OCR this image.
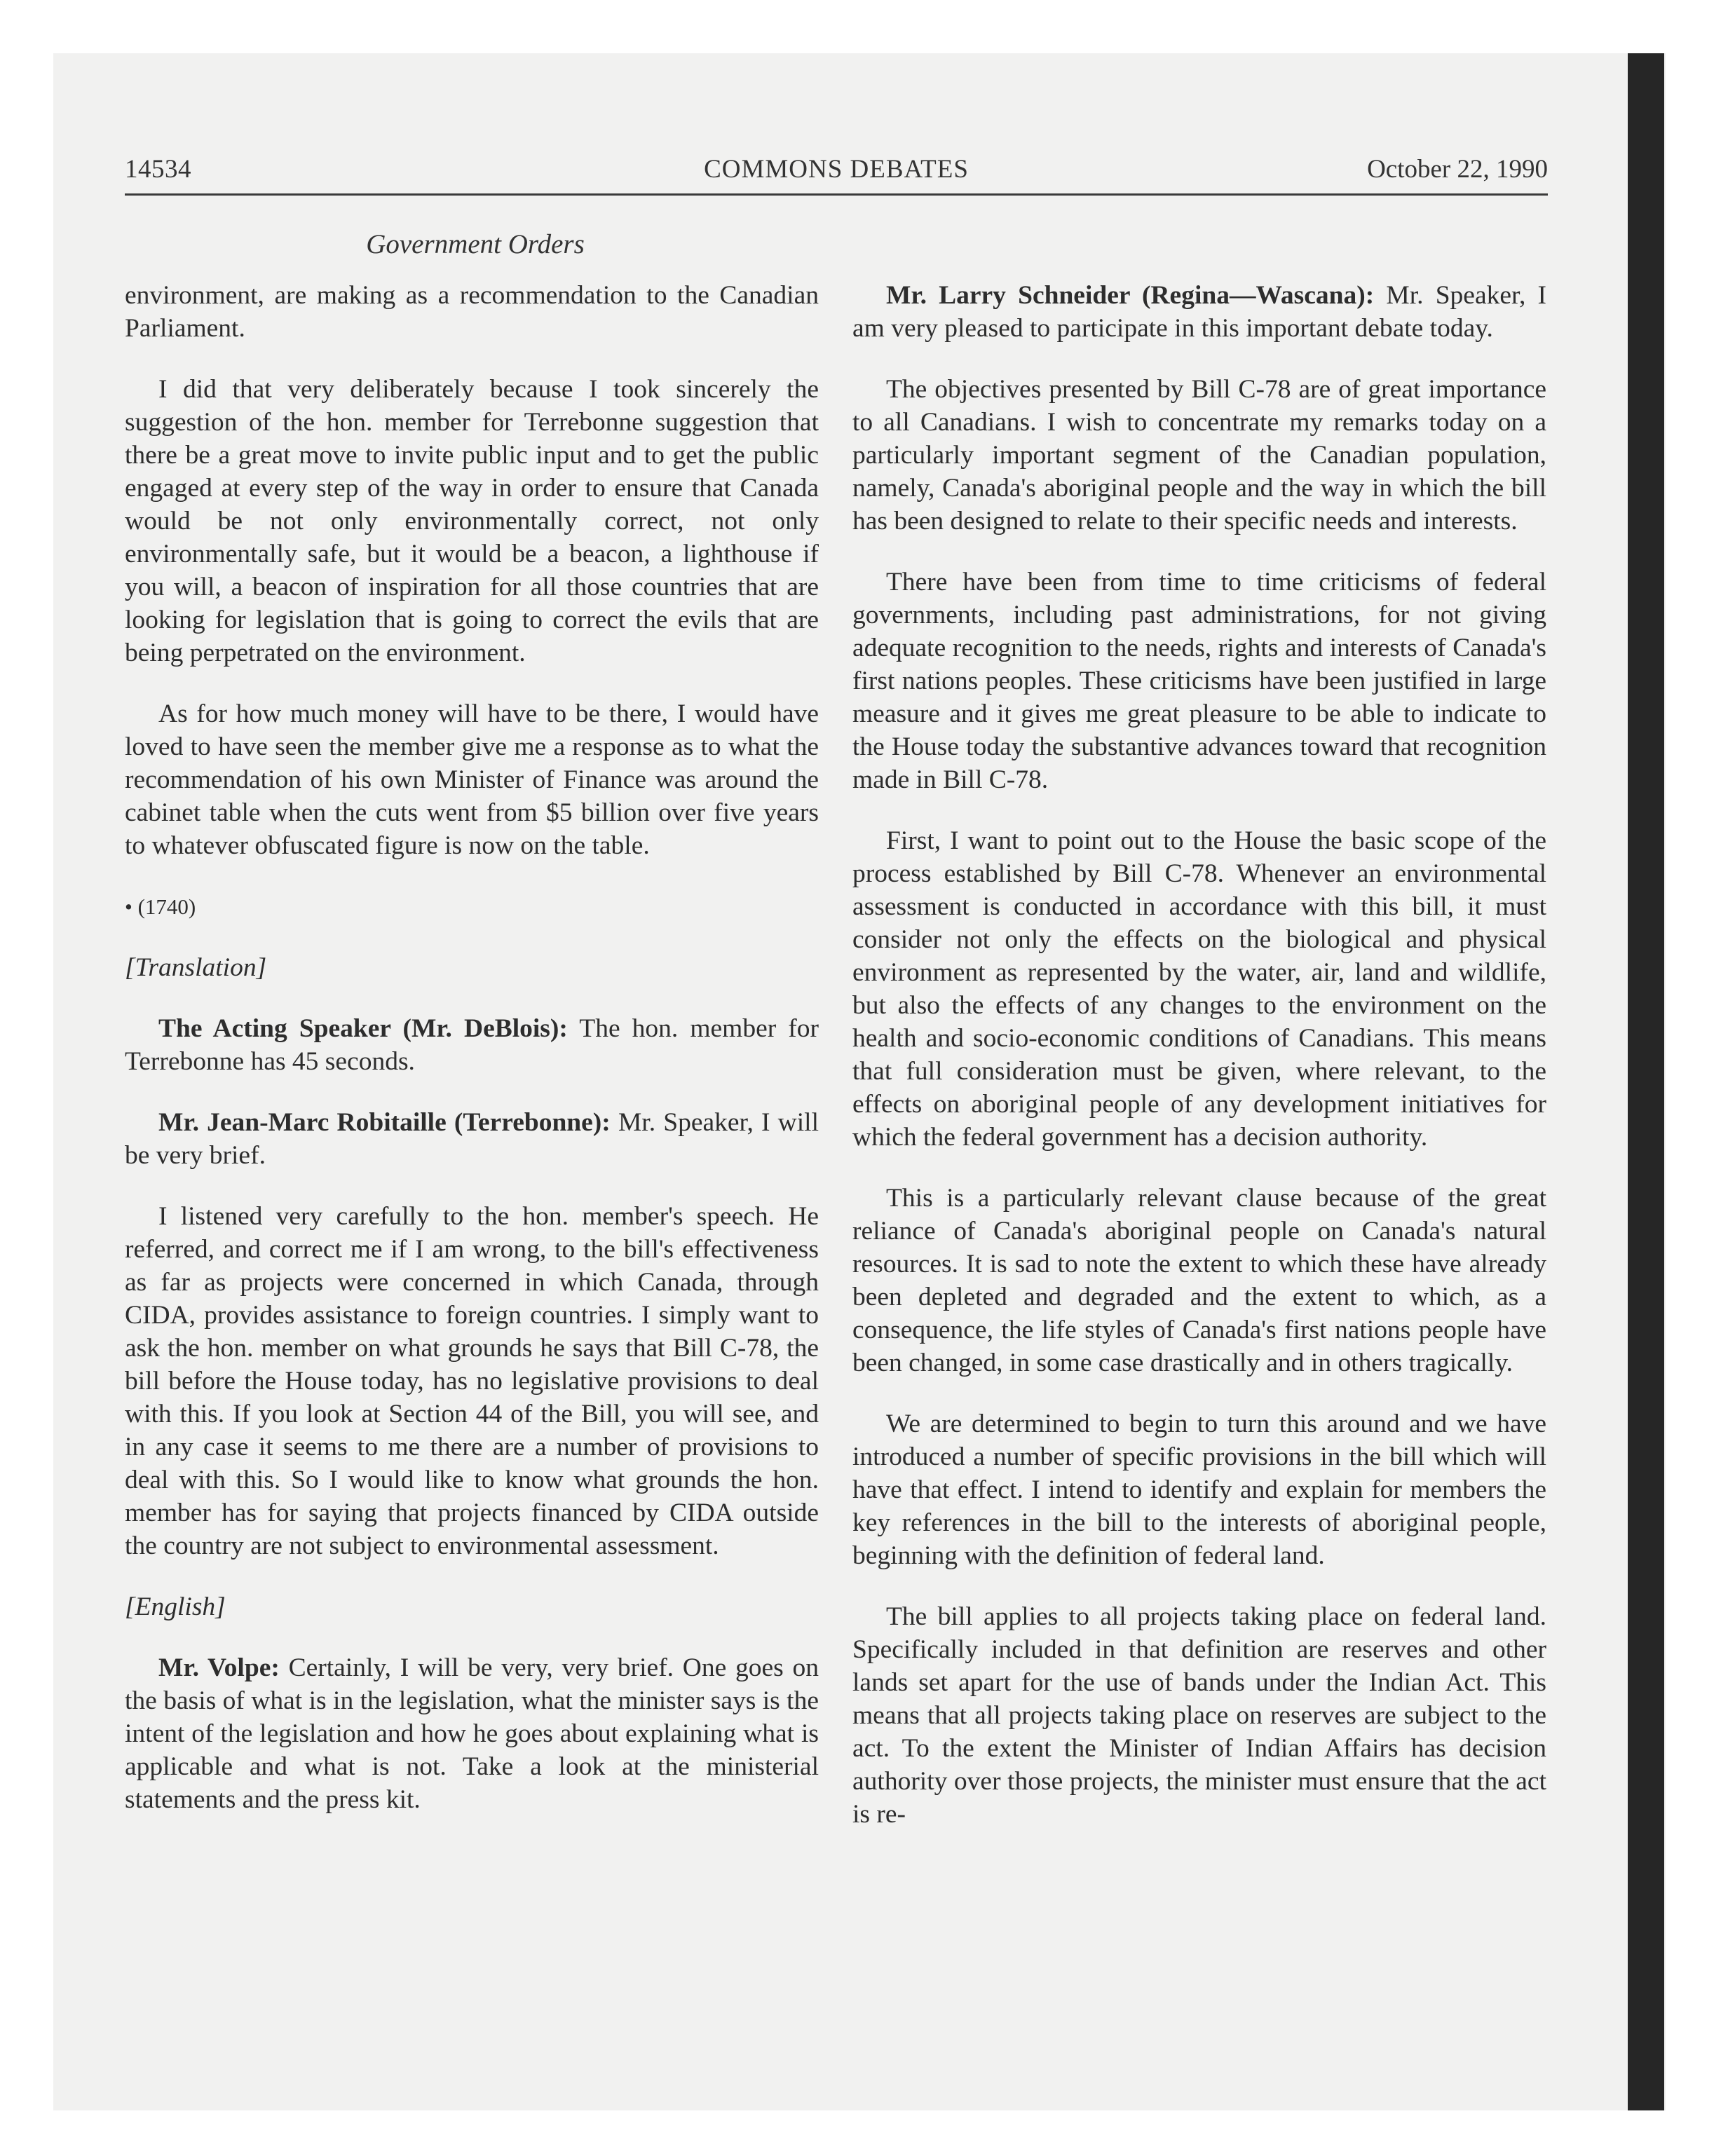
14534	COMMONS DEBATES	October 22, 1990
Government Orders

environment, are making as a recommendation to the Canadian Parliament.

I did that very deliberately because I took sincerely the suggestion of the hon. member for Terrebonne suggestion that there be a great move to invite public input and to get the public engaged at every step of the way in order to ensure that Canada would be not only environmentally correct, not only environmentally safe, but it would be a beacon, a lighthouse if you will, a beacon of inspiration for all those countries that are looking for legislation that is going to correct the evils that are being perpetrated on the environment.

As for how much money will have to be there, I would have loved to have seen the member give me a response as to what the recommendation of his own Minister of Finance was around the cabinet table when the cuts went from $5 billion over five years to whatever obfuscated figure is now on the table.

• (1740)

[Translation]

The Acting Speaker (Mr. DeBlois): The hon. member for Terrebonne has 45 seconds.

Mr. Jean-Marc Robitaille (Terrebonne): Mr. Speaker, I will be very brief.

I listened very carefully to the hon. member's speech. He referred, and correct me if I am wrong, to the bill's effectiveness as far as projects were concerned in which Canada, through CIDA, provides assistance to foreign countries. I simply want to ask the hon. member on what grounds he says that Bill C-78, the bill before the House today, has no legislative provisions to deal with this. If you look at Section 44 of the Bill, you will see, and in any case it seems to me there are a number of provisions to deal with this. So I would like to know what grounds the hon. member has for saying that projects financed by CIDA outside the country are not subject to environmental assessment.

[English]

Mr. Volpe: Certainly, I will be very, very brief. One goes on the basis of what is in the legislation, what the minister says is the intent of the legislation and how he goes about explaining what is applicable and what is not. Take a look at the ministerial statements and the press kit.

Mr. Larry Schneider (Regina—Wascana): Mr. Speaker, I am very pleased to participate in this important debate today.

The objectives presented by Bill C-78 are of great importance to all Canadians. I wish to concentrate my remarks today on a particularly important segment of the Canadian population, namely, Canada's aboriginal people and the way in which the bill has been designed to relate to their specific needs and interests.

There have been from time to time criticisms of federal governments, including past administrations, for not giving adequate recognition to the needs, rights and interests of Canada's first nations peoples. These criticisms have been justified in large measure and it gives me great pleasure to be able to indicate to the House today the substantive advances toward that recognition made in Bill C-78.

First, I want to point out to the House the basic scope of the process established by Bill C-78. Whenever an environmental assessment is conducted in accordance with this bill, it must consider not only the effects on the biological and physical environment as represented by the water, air, land and wildlife, but also the effects of any changes to the environment on the health and socio-economic conditions of Canadians. This means that full consideration must be given, where relevant, to the effects on aboriginal people of any development initiatives for which the federal government has a decision authority.

This is a particularly relevant clause because of the great reliance of Canada's aboriginal people on Canada's natural resources. It is sad to note the extent to which these have already been depleted and degraded and the extent to which, as a consequence, the life styles of Canada's first nations people have been changed, in some case drastically and in others tragically.

We are determined to begin to turn this around and we have introduced a number of specific provisions in the bill which will have that effect. I intend to identify and explain for members the key references in the bill to the interests of aboriginal people, beginning with the definition of federal land.

The bill applies to all projects taking place on federal land. Specifically included in that definition are reserves and other lands set apart for the use of bands under the Indian Act. This means that all projects taking place on reserves are subject to the act. To the extent the Minister of Indian Affairs has decision authority over those projects, the minister must ensure that the act is re-
